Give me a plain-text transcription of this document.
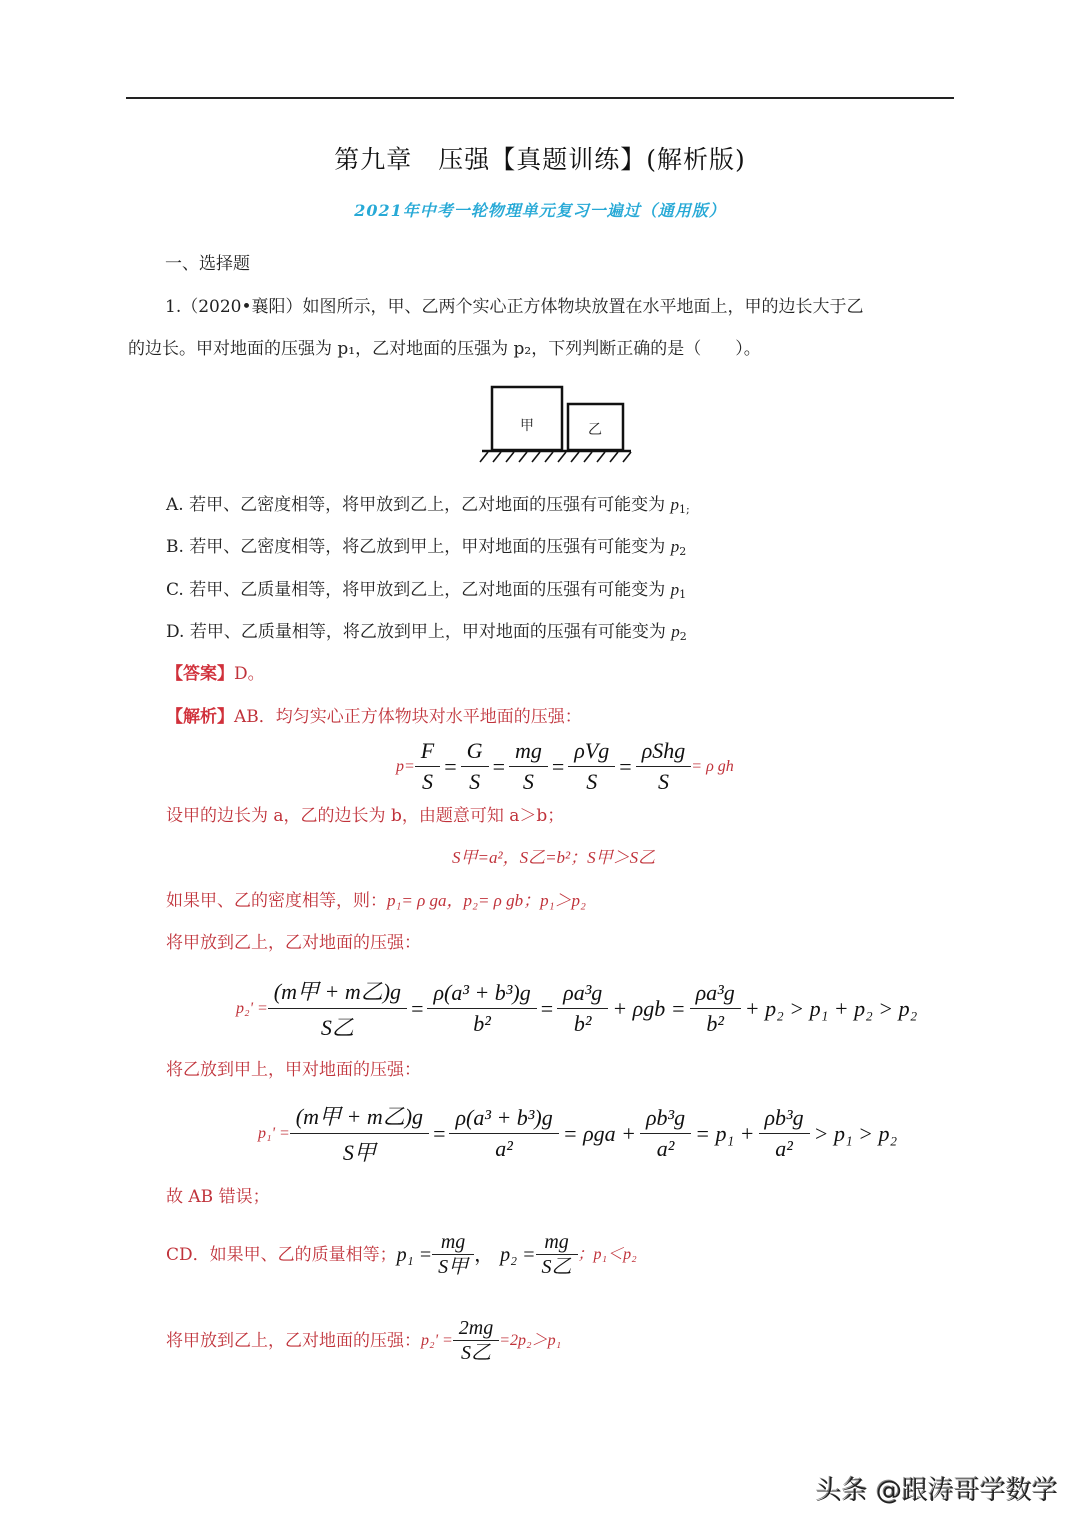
第九章　压强【真题训练】(解析版)
2021年中考一轮物理单元复习一遍过（通用版）
一、选择题
1.（2020•襄阳）如图所示，甲、乙两个实心正方体物块放置在水平地面上，甲的边长大于乙
的边长。甲对地面的压强为 p₁，乙对地面的压强为 p₂，下列判断正确的是（　　）。
甲	乙
A. 若甲、乙密度相等，将甲放到乙上，乙对地面的压强有可能变为 $p_{1;}$
B. 若甲、乙密度相等，将乙放到甲上，甲对地面的压强有可能变为 $p_2$
C. 若甲、乙质量相等，将甲放到乙上，乙对地面的压强有可能变为 $p_1$
D. 若甲、乙质量相等，将乙放到甲上，甲对地面的压强有可能变为 $p_2$
【答案】D。
【解析】AB．均匀实心正方体物块对水平地面的压强：
$p= \frac{F}{S} = \frac{G}{S} = \frac{mg}{S} = \frac{\text{ρVg}}{S} = \frac{\text{ρShg}}{S} = \rho$ gh
设甲的边长为 a，乙的边长为 b，由题意可知 a＞b；
S甲=a²，S乙=b²；S甲＞S乙
如果甲、乙的密度相等，则：p₁= ρ ga，p₂= ρ gb；p₁＞p₂
将甲放到乙上，乙对地面的压强：
$p_2' = \frac{\text{(m甲 + m乙)g}}{\text{S乙}} = \frac{\text{ρ(a³ + b³)g}}{\text{b²}} = \frac{\text{ρa³g}}{\text{b²}} + \rho gb = \frac{\text{ρa³g}}{\text{b²}} + p_2 > p_1 + p_2 > p_2$
将乙放到甲上，甲对地面的压强：
$p_1' = \frac{\text{(m甲 + m乙)g}}{\text{S甲}} = \frac{\text{ρ(a³ + b³)g}}{\text{a²}} = \rho ga + \frac{\text{ρb³g}}{\text{a²}} = p_1 + \frac{\text{ρb³g}}{\text{a²}} > p_1 > p_2$
故 AB 错误；
CD．如果甲、乙的质量相等； $p_1 = \frac{mg}{\text{S甲}}$ ， $p_2 = \frac{mg}{\text{S乙}}$ ；p₁＜p₂
将甲放到乙上，乙对地面的压强： $p_2' = \frac{2mg}{\text{S乙}} =2p_2>p_1$
头条 @跟涛哥学数学
